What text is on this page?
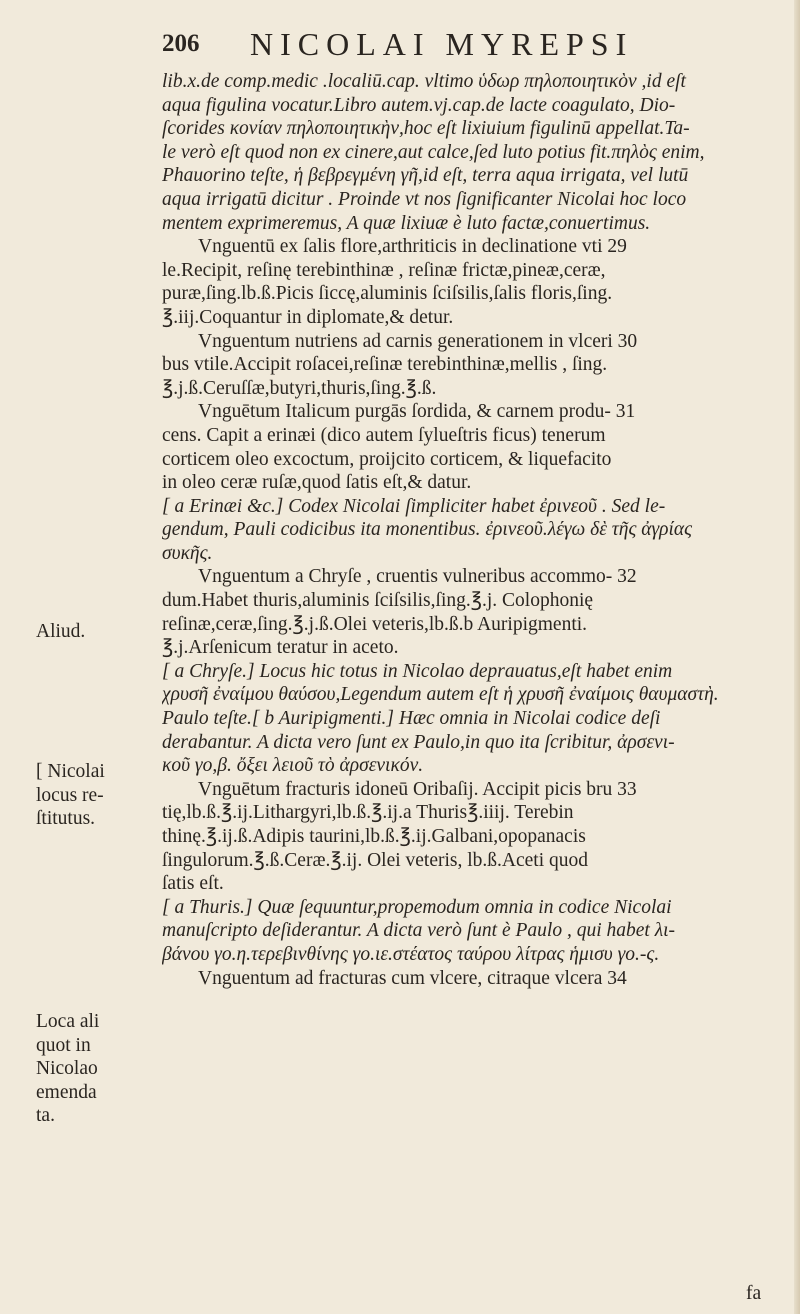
206 NICOLAI MYREPSI
lib.x.de comp.medic .localiū.cap. vltimo ὑδωρ πηλοποιητικὸν ,id eſt
aqua figulina vocatur.Libro autem.vj.cap.de lacte coagulato, Dio-
ſcorides κονίαν πηλοποιητικὴν,hoc eſt lixiuium figulinū appellat.Ta-
le verò eſt quod non ex cinere,aut calce,ſed luto potius fit.πηλὸς enim,
Phauorino teſte, ἡ βεβρεγμένη γῆ,id eſt, terra aqua irrigata, vel lutū
aqua irrigatū dicitur . Proinde vt nos ſignificanter Nicolai hoc loco
mentem exprimeremus, A quæ lixiuæ è luto factæ,conuertimus.
Vnguentū ex ſalis flore,arthriticis in declinatione vti 29
le.Recipit, reſinę terebinthinæ , reſinæ frictæ,pineæ,ceræ,
puræ,ſing.lb.ß.Picis ſiccę,aluminis ſciſsilis,ſalis floris,ſing.
℥.iij.Coquantur in diplomate,& detur.
Vnguentum nutriens ad carnis generationem in vlceri 30
bus vtile.Accipit roſacei,reſinæ terebinthinæ,mellis , ſing.
℥.j.ß.Ceruſſæ,butyri,thuris,ſing.℥.ß.
Vnguētum Italicum purgās ſordida, & carnem produ- 31
cens. Capit a erinæi (dico autem ſylueſtris ficus) tenerum
corticem oleo excoctum, proijcito corticem, & liquefacito
in oleo ceræ ruſæ,quod ſatis eſt,& datur.
[ a Erinæi &c.] Codex Nicolai ſimpliciter habet ἐρινεοῦ . Sed le-
gendum, Pauli codicibus ita monentibus. ἐρινεοῦ.λέγω δὲ τῆς ἀγρίας
συκῆς.
Vnguentum a Chryſe , cruentis vulneribus accommo- 32
dum.Habet thuris,aluminis ſciſsilis,ſing.℥.j. Colophonię
reſinæ,ceræ,ſing.℥.j.ß.Olei veteris,lb.ß.b Auripigmenti.
℥.j.Arſenicum teratur in aceto.
[ a Chryſe.] Locus hic totus in Nicolao deprauatus,eſt habet enim
χρυσῆ ἐναίμου θαύσου,Legendum autem eſt ἡ χρυσῆ ἐναίμοις θαυμαστὴ.
Paulo teſte.[ b Auripigmenti.] Hæc omnia in Nicolai codice deſi
derabantur. A dicta vero ſunt ex Paulo,in quo ita ſcribitur, ἀρσενι-
κοῦ γο,β. ὄξει λειοῦ τὸ ἀρσενικόν.
Vnguētum fracturis idoneū Oribaſij. Accipit picis bru 33
tię,lb.ß.℥.ij.Lithargyri,lb.ß.℥.ij.a Thuris℥.iiij. Terebin
thinę.℥.ij.ß.Adipis taurini,lb.ß.℥.ij.Galbani,opopanacis
ſingulorum.℥.ß.Ceræ.℥.ij. Olei veteris, lb.ß.Aceti quod
ſatis eſt.
[ a Thuris.] Quæ ſequuntur,propemodum omnia in codice Nicolai
manuſcripto deſiderantur. A dicta verò ſunt è Paulo , qui habet λι-
βάνου γο.η.τερεβινθίνης γο.ιε.στέατος ταύρου λίτρας ἡμισυ γο.-ς.
Vnguentum ad fracturas cum vlcere, citraque vlcera 34
Aliud.
[ Nicolai
locus re-
ſtitutus.
Loca ali
quot in
Nicolao
emenda
ta.
fa
